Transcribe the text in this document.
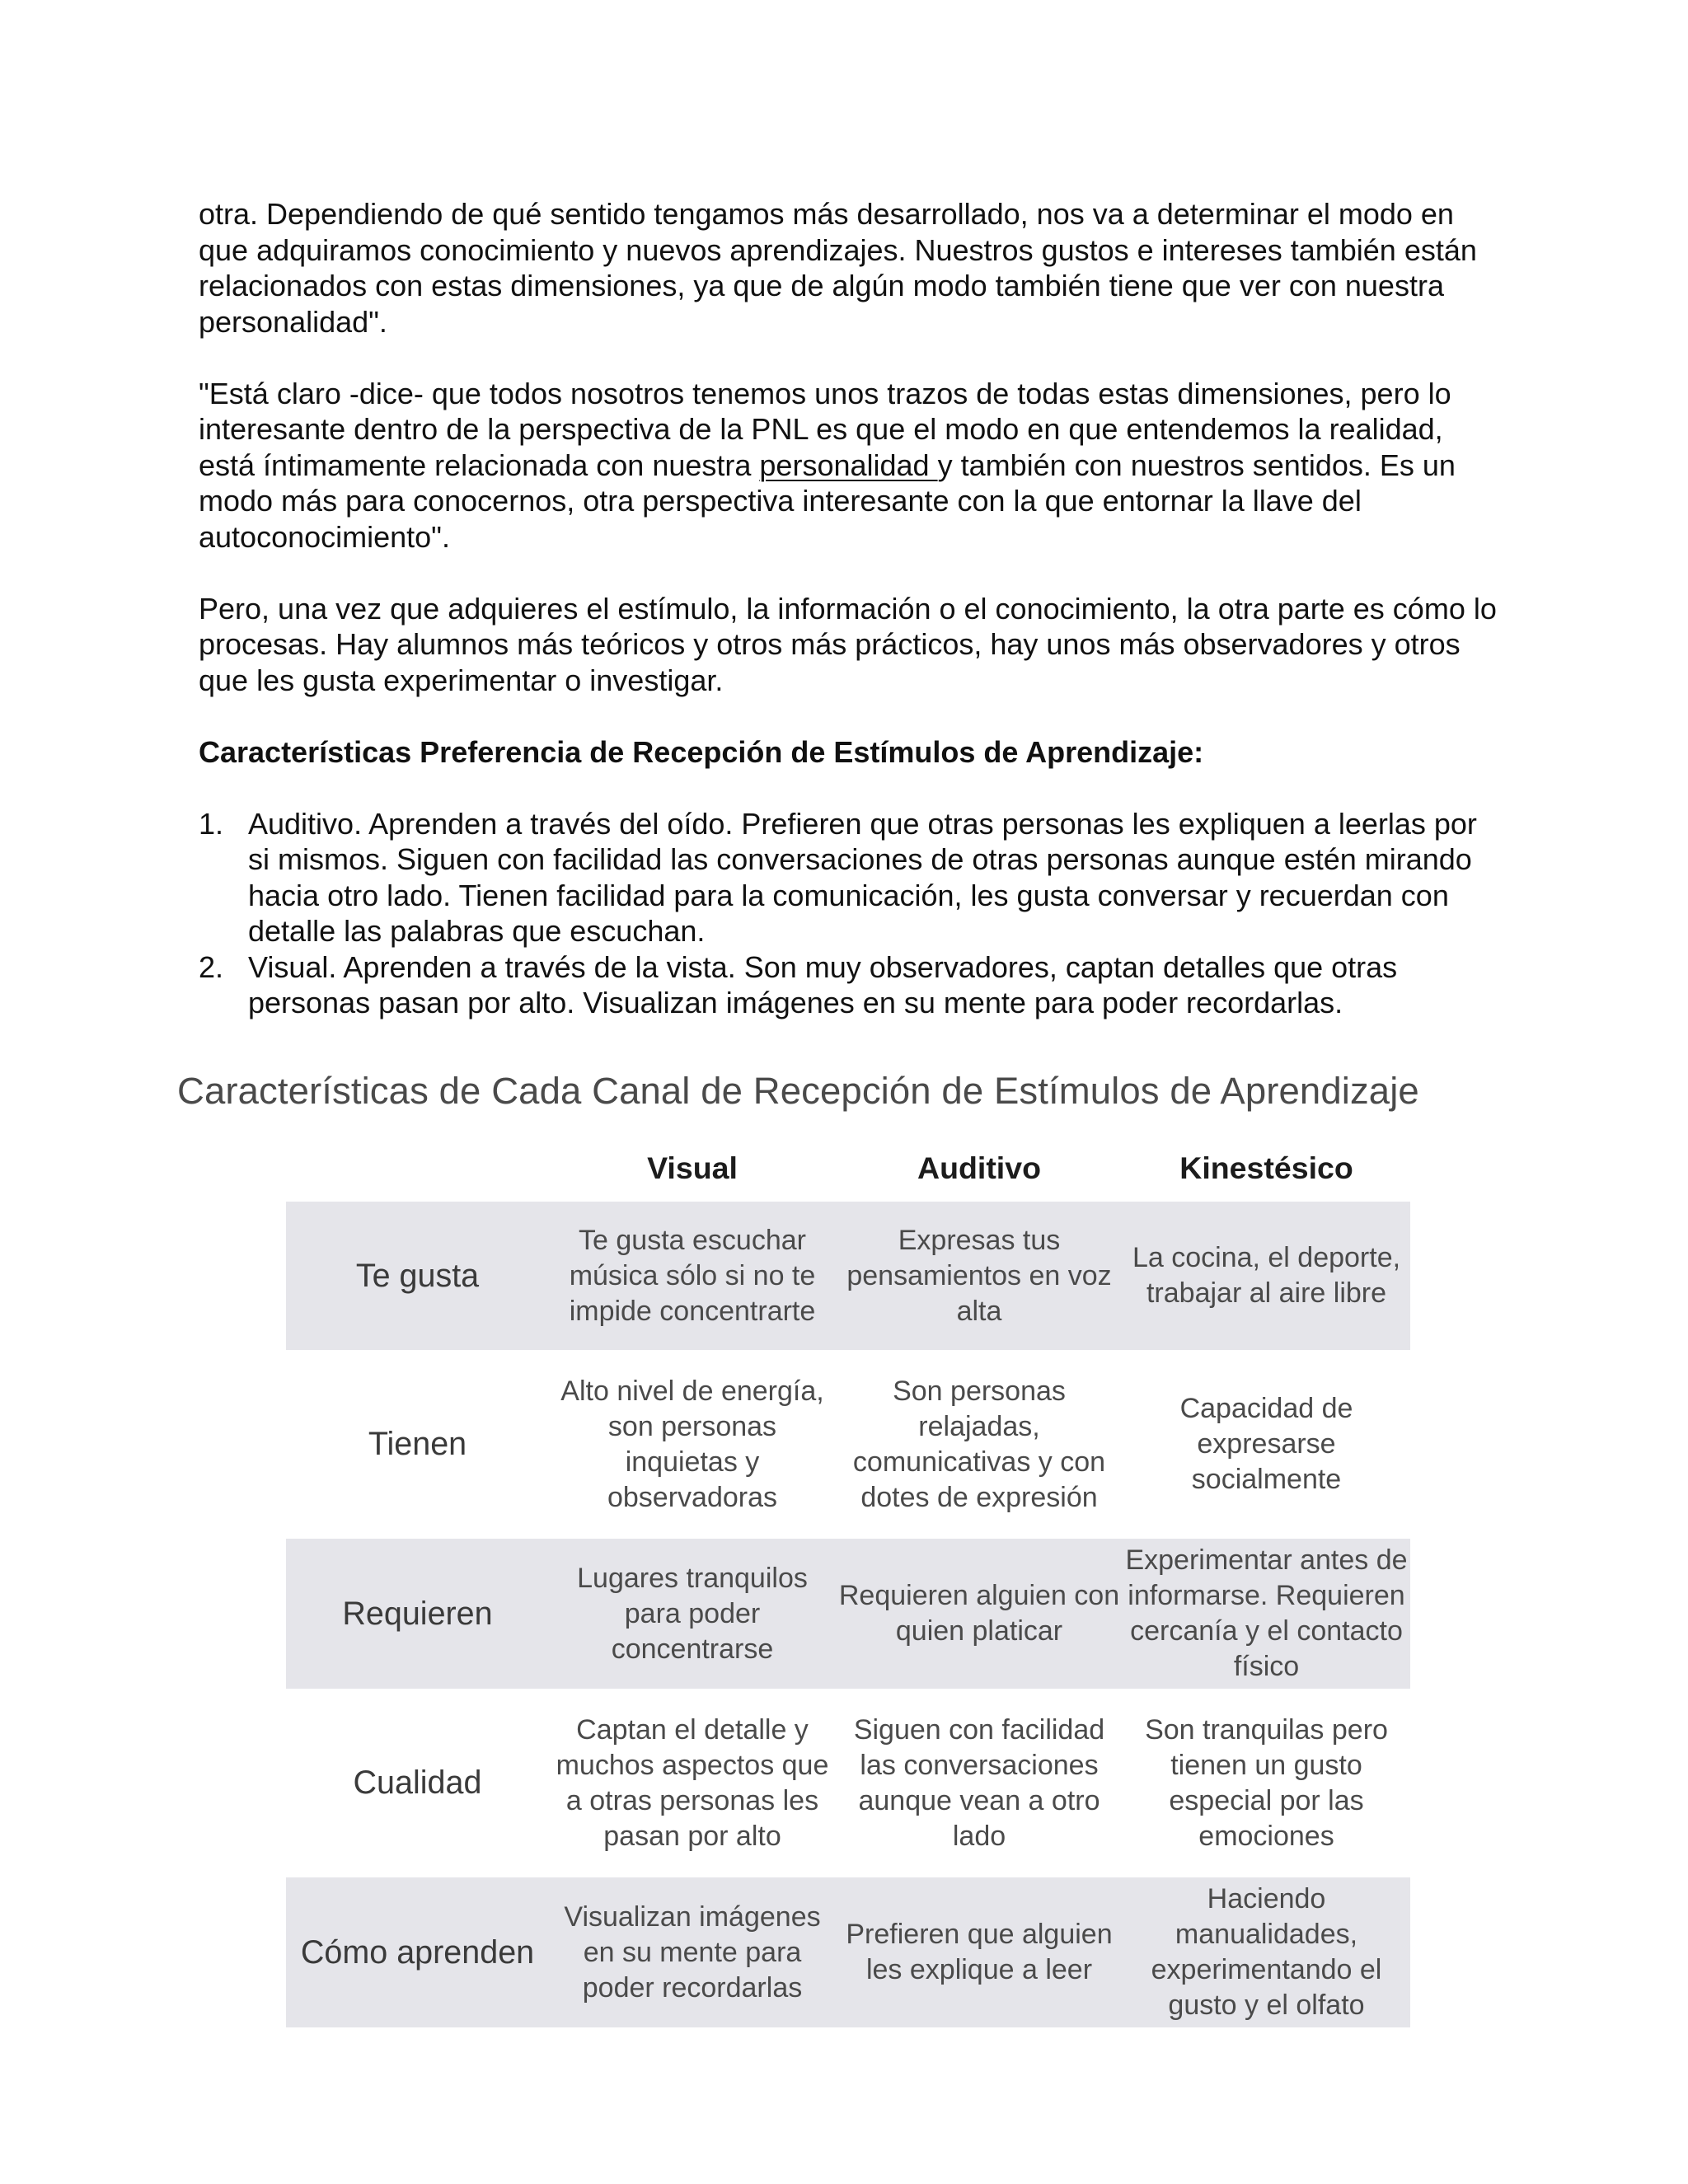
otra. Dependiendo de qué sentido tengamos más desarrollado, nos va a determinar el modo en que adquiramos conocimiento y nuevos aprendizajes. Nuestros gustos e intereses también están relacionados con estas dimensiones, ya que de algún modo también tiene que ver con nuestra personalidad".

"Está claro -dice- que todos nosotros tenemos unos trazos de todas estas dimensiones, pero lo interesante dentro de la perspectiva de la PNL es que el modo en que entendemos la realidad, está íntimamente relacionada con nuestra personalidad y también con nuestros sentidos. Es un modo más para conocernos, otra perspectiva interesante con la que entornar la llave del autoconocimiento".

Pero, una vez que adquieres el estímulo, la información o el conocimiento, la otra parte es cómo lo procesas. Hay alumnos más teóricos y otros más prácticos, hay unos más observadores y otros que les gusta experimentar o investigar.

Características Preferencia de Recepción de Estímulos de Aprendizaje:

1. Auditivo. Aprenden a través del oído. Prefieren que otras personas les expliquen a leerlas por si mismos. Siguen con facilidad las conversaciones de otras personas aunque estén mirando hacia otro lado. Tienen facilidad para la comunicación, les gusta conversar y recuerdan con detalle las palabras que escuchan.
2. Visual. Aprenden a través de la vista. Son muy observadores, captan detalles que otras personas pasan por alto. Visualizan imágenes en su mente para poder recordarlas.
Características de Cada Canal de Recepción de Estímulos de Aprendizaje
Visual	Auditivo	Kinestésico
Te gusta
Te gusta escuchar música sólo si no te impide concentrarte
Expresas tus pensamientos en voz alta
La cocina, el deporte, trabajar al aire libre
Tienen
Alto nivel de energía, son personas inquietas y observadoras
Son personas relajadas, comunicativas y con dotes de expresión
Capacidad de expresarse socialmente
Requieren
Lugares tranquilos para poder concentrarse
Requieren alguien con quien platicar
Experimentar antes de informarse. Requieren cercanía y el contacto físico
Cualidad
Captan el detalle y muchos aspectos que a otras personas les pasan por alto
Siguen con facilidad las conversaciones aunque vean a otro lado
Son tranquilas pero tienen un gusto especial por las emociones
Cómo aprenden
Visualizan imágenes en su mente para poder recordarlas
Prefieren que alguien les explique a leer
Haciendo manualidades, experimentando el gusto y el olfato
